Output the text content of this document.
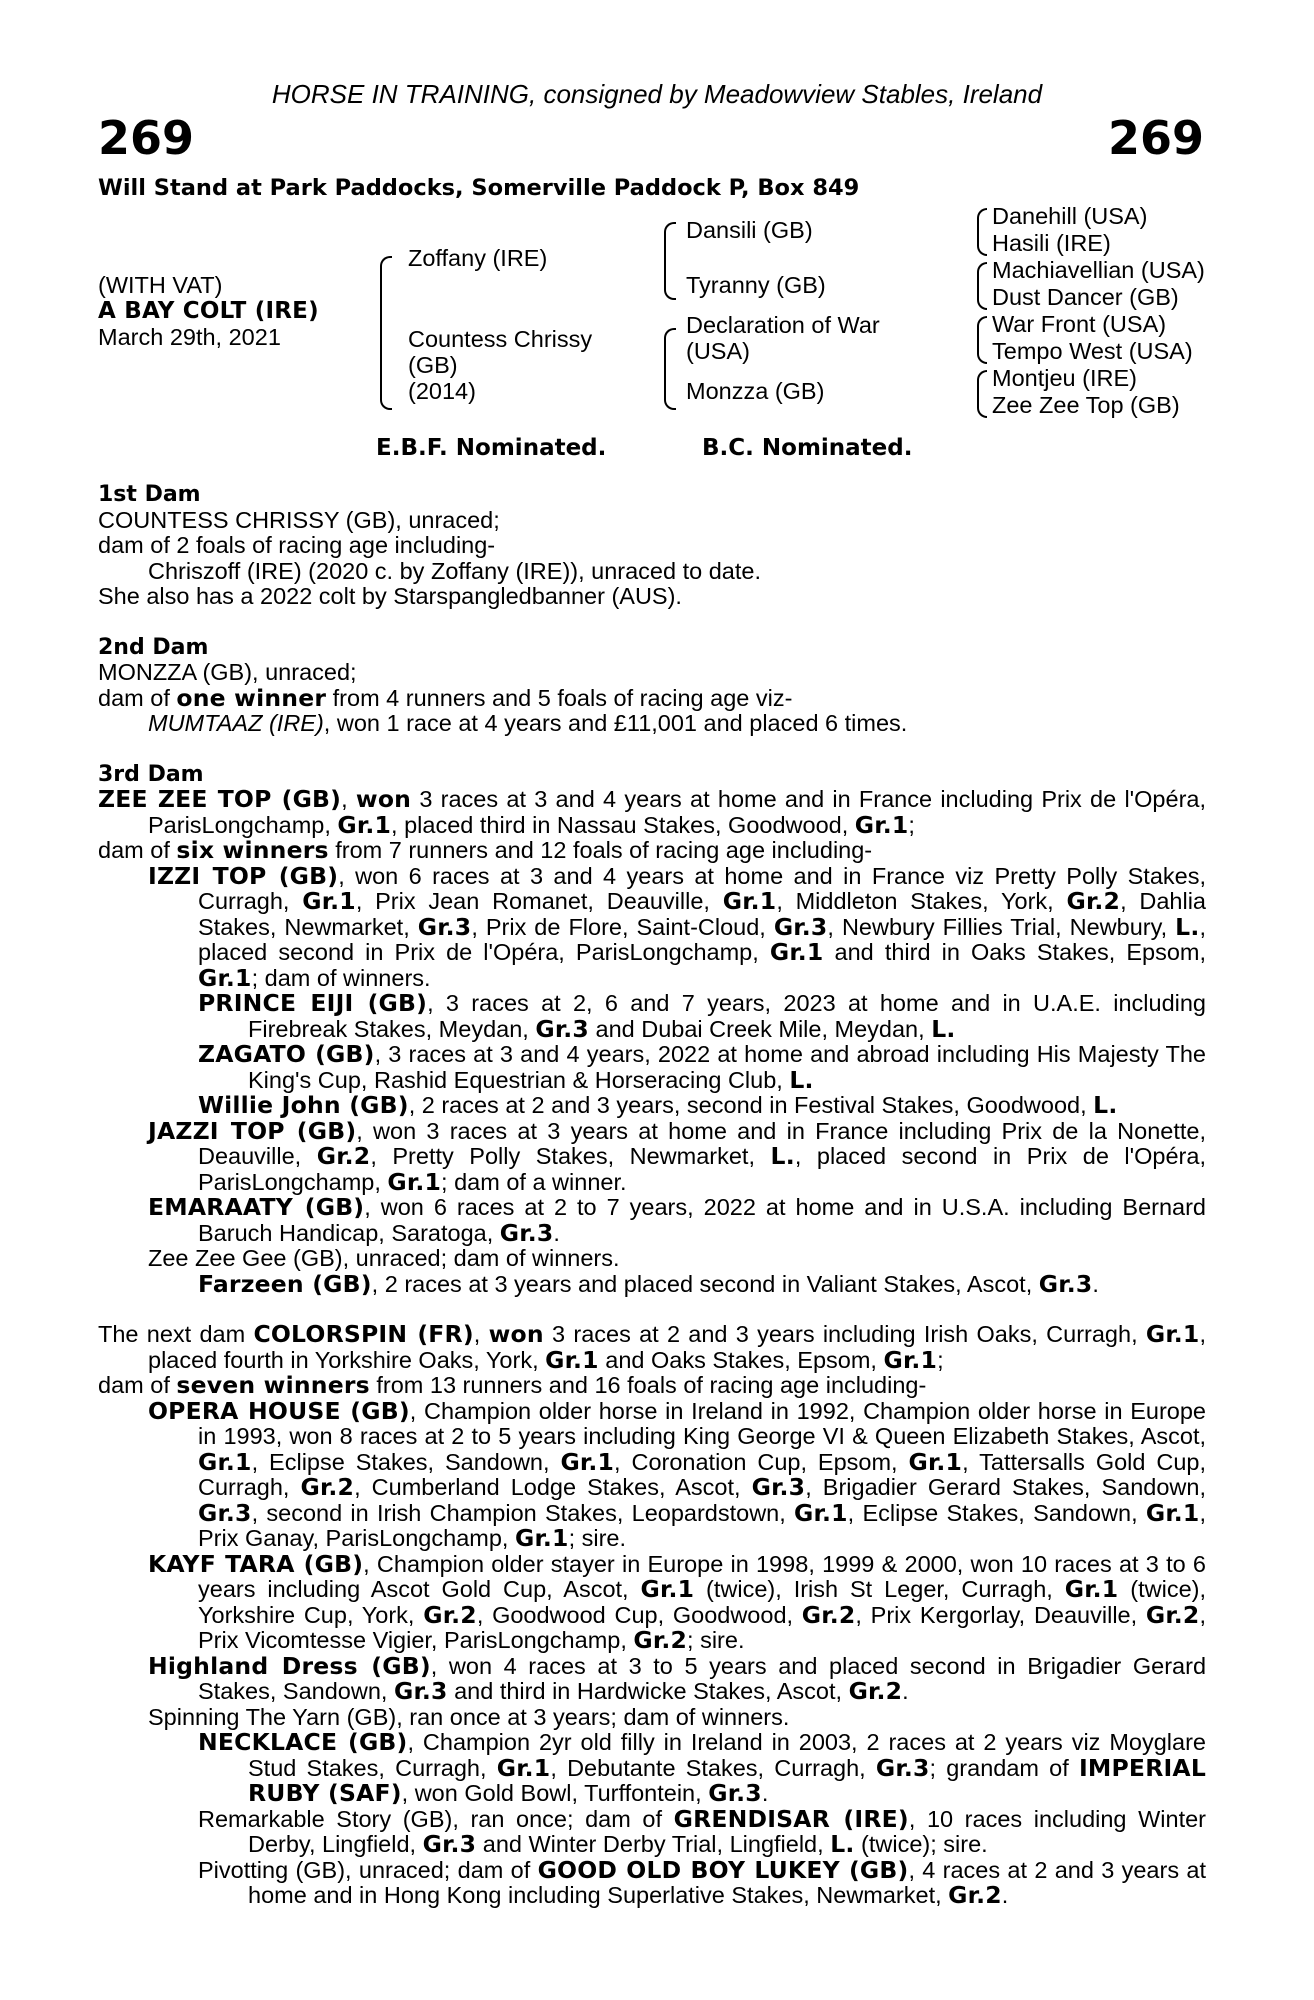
HORSE IN TRAINING, consigned by Meadowview Stables, Ireland
269	269
Will Stand at Park Paddocks, Somerville Paddock P, Box 849
(WITH VAT)
A BAY COLT (IRE)
March 29th, 2021
Zoffany (IRE)
Countess Chrissy
(GB)
(2014)
Dansili (GB)
Tyranny (GB)
Declaration of War
(USA)
Monzza (GB)
Danehill (USA)
Hasili (IRE)
Machiavellian (USA)
Dust Dancer (GB)
War Front (USA)
Tempo West (USA)
Montjeu (IRE)
Zee Zee Top (GB)
E.B.F. Nominated.	B.C. Nominated.
1st Dam
COUNTESS CHRISSY (GB), unraced;
dam of 2 foals of racing age including-
Chriszoff (IRE) (2020 c. by Zoffany (IRE)), unraced to date.
She also has a 2022 colt by Starspangledbanner (AUS).
2nd Dam
MONZZA (GB), unraced;
dam of one winner from 4 runners and 5 foals of racing age viz-
MUMTAAZ (IRE), won 1 race at 4 years and £11,001 and placed 6 times.
3rd Dam
ZEE ZEE TOP (GB), won 3 races at 3 and 4 years at home and in France including Prix de l'Opéra, ParisLongchamp, Gr.1, placed third in Nassau Stakes, Goodwood, Gr.1;
dam of six winners from 7 runners and 12 foals of racing age including-
IZZI TOP (GB), won 6 races at 3 and 4 years at home and in France viz Pretty Polly Stakes, Curragh, Gr.1, Prix Jean Romanet, Deauville, Gr.1, Middleton Stakes, York, Gr.2, Dahlia Stakes, Newmarket, Gr.3, Prix de Flore, Saint-Cloud, Gr.3, Newbury Fillies Trial, Newbury, L., placed second in Prix de l'Opéra, ParisLongchamp, Gr.1 and third in Oaks Stakes, Epsom, Gr.1; dam of winners.
PRINCE EIJI (GB), 3 races at 2, 6 and 7 years, 2023 at home and in U.A.E. including Firebreak Stakes, Meydan, Gr.3 and Dubai Creek Mile, Meydan, L.
ZAGATO (GB), 3 races at 3 and 4 years, 2022 at home and abroad including His Majesty The King's Cup, Rashid Equestrian & Horseracing Club, L.
Willie John (GB), 2 races at 2 and 3 years, second in Festival Stakes, Goodwood, L.
JAZZI TOP (GB), won 3 races at 3 years at home and in France including Prix de la Nonette, Deauville, Gr.2, Pretty Polly Stakes, Newmarket, L., placed second in Prix de l'Opéra, ParisLongchamp, Gr.1; dam of a winner.
EMARAATY (GB), won 6 races at 2 to 7 years, 2022 at home and in U.S.A. including Bernard Baruch Handicap, Saratoga, Gr.3.
Zee Zee Gee (GB), unraced; dam of winners.
Farzeen (GB), 2 races at 3 years and placed second in Valiant Stakes, Ascot, Gr.3.
The next dam COLORSPIN (FR), won 3 races at 2 and 3 years including Irish Oaks, Curragh, Gr.1, placed fourth in Yorkshire Oaks, York, Gr.1 and Oaks Stakes, Epsom, Gr.1;
dam of seven winners from 13 runners and 16 foals of racing age including-
OPERA HOUSE (GB), Champion older horse in Ireland in 1992, Champion older horse in Europe in 1993, won 8 races at 2 to 5 years including King George VI & Queen Elizabeth Stakes, Ascot, Gr.1, Eclipse Stakes, Sandown, Gr.1, Coronation Cup, Epsom, Gr.1, Tattersalls Gold Cup, Curragh, Gr.2, Cumberland Lodge Stakes, Ascot, Gr.3, Brigadier Gerard Stakes, Sandown, Gr.3, second in Irish Champion Stakes, Leopardstown, Gr.1, Eclipse Stakes, Sandown, Gr.1, Prix Ganay, ParisLongchamp, Gr.1; sire.
KAYF TARA (GB), Champion older stayer in Europe in 1998, 1999 & 2000, won 10 races at 3 to 6 years including Ascot Gold Cup, Ascot, Gr.1 (twice), Irish St Leger, Curragh, Gr.1 (twice), Yorkshire Cup, York, Gr.2, Goodwood Cup, Goodwood, Gr.2, Prix Kergorlay, Deauville, Gr.2, Prix Vicomtesse Vigier, ParisLongchamp, Gr.2; sire.
Highland Dress (GB), won 4 races at 3 to 5 years and placed second in Brigadier Gerard Stakes, Sandown, Gr.3 and third in Hardwicke Stakes, Ascot, Gr.2.
Spinning The Yarn (GB), ran once at 3 years; dam of winners.
NECKLACE (GB), Champion 2yr old filly in Ireland in 2003, 2 races at 2 years viz Moyglare Stud Stakes, Curragh, Gr.1, Debutante Stakes, Curragh, Gr.3; grandam of IMPERIAL RUBY (SAF), won Gold Bowl, Turffontein, Gr.3.
Remarkable Story (GB), ran once; dam of GRENDISAR (IRE), 10 races including Winter Derby, Lingfield, Gr.3 and Winter Derby Trial, Lingfield, L. (twice); sire.
Pivotting (GB), unraced; dam of GOOD OLD BOY LUKEY (GB), 4 races at 2 and 3 years at home and in Hong Kong including Superlative Stakes, Newmarket, Gr.2.
